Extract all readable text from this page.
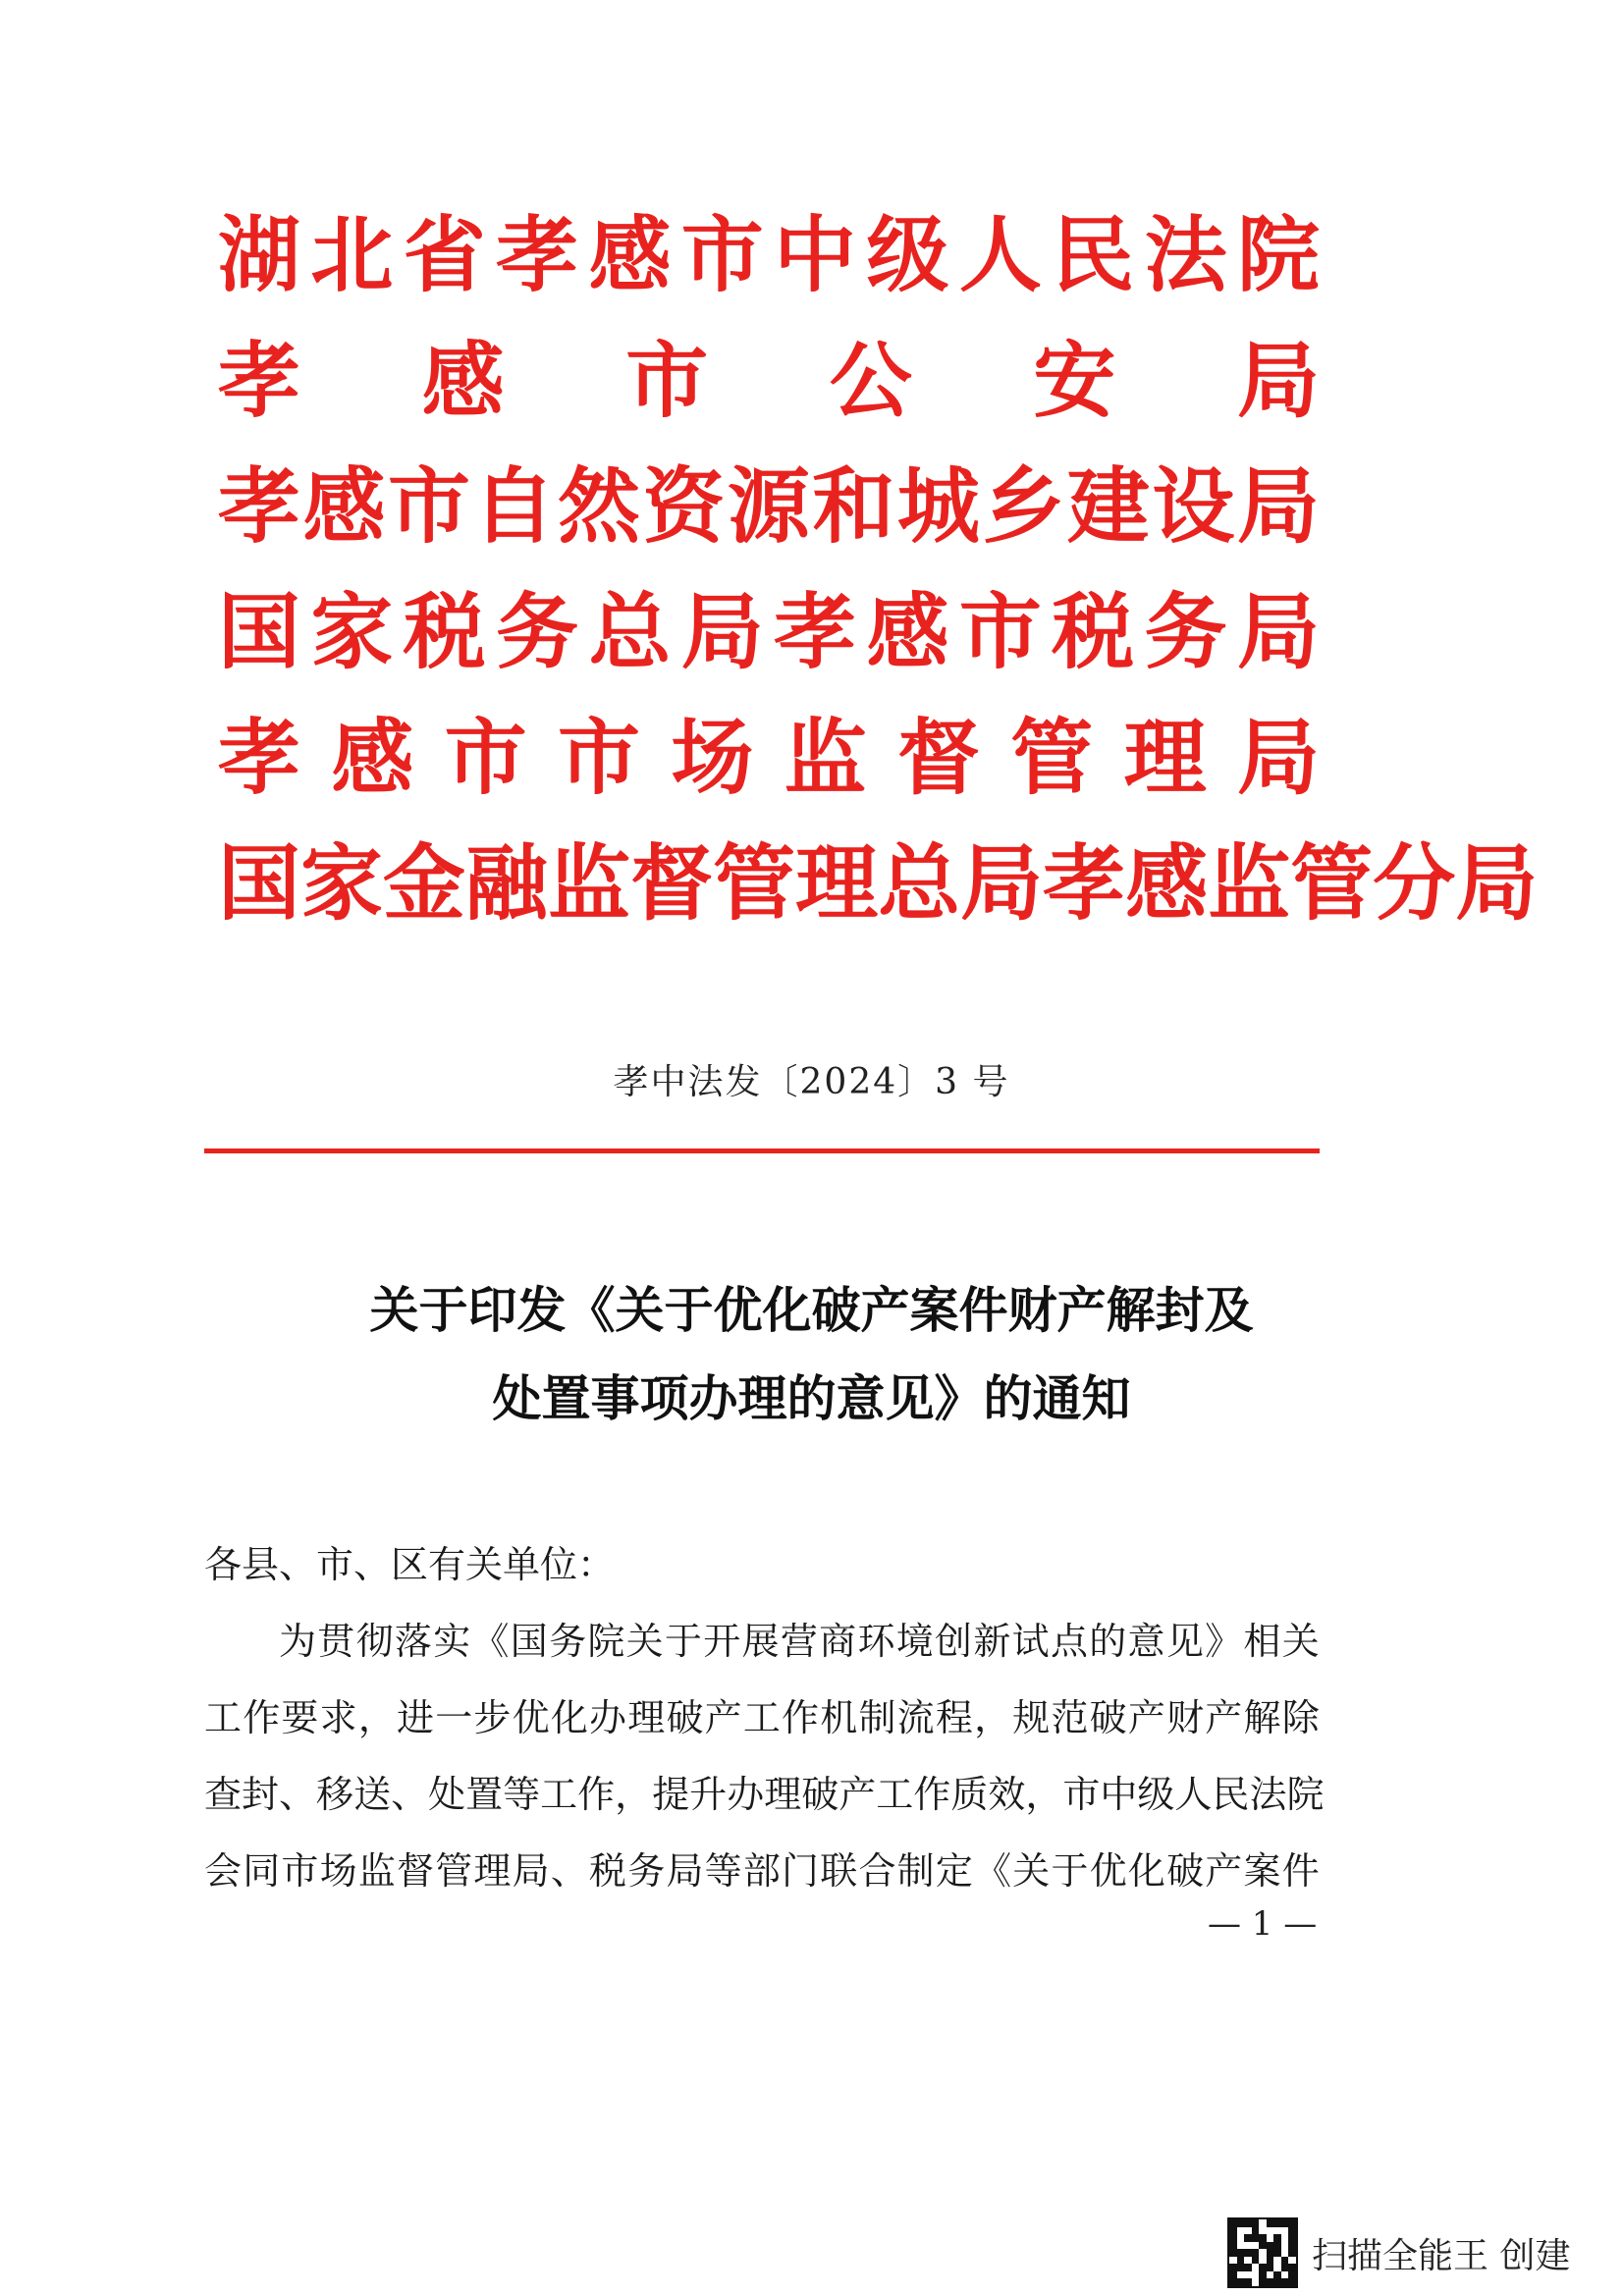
湖 北 省 孝 感 市 中 级 人 民 法 院
孝 感 市 公 安 局
孝 感 市 自 然 资 源 和 城 乡 建 设 局
国 家 税 务 总 局 孝 感 市 税 务 局
孝 感 市 市 场 监 督 管 理 局
国 家 金 融 监 督 管 理 总 局 孝 感 监 管 分 局
孝中法发〔2024〕3 号
关于印发《关于优化破产案件财产解封及
处置事项办理的意见》的通知
各县、市、区有关单位：
为 贯 彻 落 实 《 国 务 院 关 于 开 展 营 商 环 境 创 新 试 点 的 意 见 》 相 关
工 作 要 求 ， 进 一 步 优 化 办 理 破 产 工 作 机 制 流 程 ， 规 范 破 产 财 产 解 除
查 封 、 移 送 、 处 置 等 工 作 ， 提 升 办 理 破 产 工 作 质 效 ， 市 中 级 人 民 法 院
会 同 市 场 监 督 管 理 局 、 税 务 局 等 部 门 联 合 制 定 《 关 于 优 化 破 产 案 件
— 1 —
扫描全能王 创建
